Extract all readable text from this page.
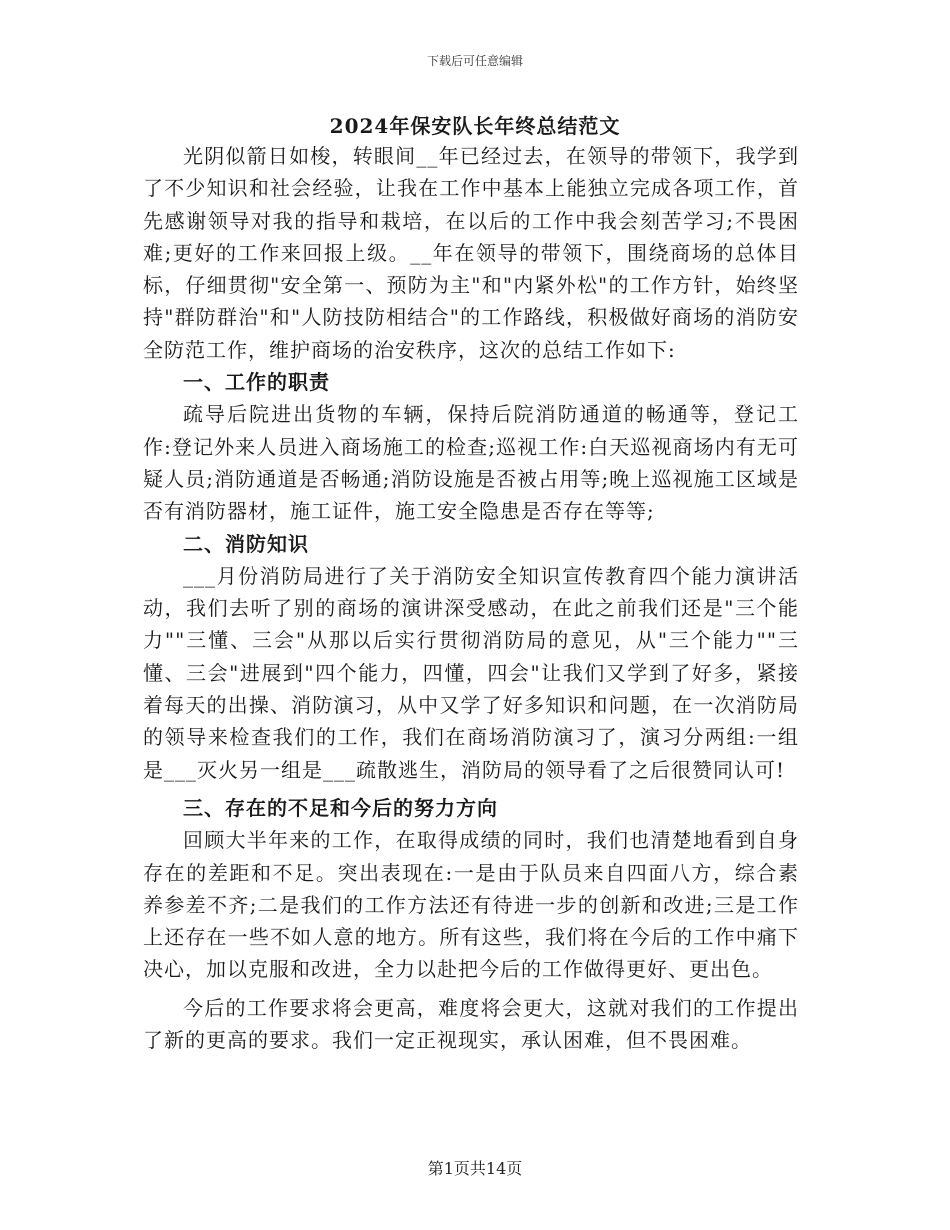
下载后可任意编辑
2024年保安队长年终总结范文

光阴似箭日如梭，转眼间__年已经过去，在领导的带领下，我学到了不少知识和社会经验，让我在工作中基本上能独立完成各项工作，首先感谢领导对我的指导和栽培，在以后的工作中我会刻苦学习;不畏困难;更好的工作来回报上级。__年在领导的带领下，围绕商场的总体目标，仔细贯彻"安全第一、预防为主"和"内紧外松"的工作方针，始终坚持"群防群治"和"人防技防相结合"的工作路线，积极做好商场的消防安全防范工作，维护商场的治安秩序，这次的总结工作如下:

一、工作的职责

疏导后院进出货物的车辆，保持后院消防通道的畅通等，登记工作:登记外来人员进入商场施工的检查;巡视工作:白天巡视商场内有无可疑人员;消防通道是否畅通;消防设施是否被占用等;晚上巡视施工区域是否有消防器材，施工证件，施工安全隐患是否存在等等;

二、消防知识

___月份消防局进行了关于消防安全知识宣传教育四个能力演讲活动，我们去听了别的商场的演讲深受感动，在此之前我们还是"三个能力""三懂、三会"从那以后实行贯彻消防局的意见，从"三个能力""三懂、三会"进展到"四个能力，四懂，四会"让我们又学到了好多，紧接着每天的出操、消防演习，从中又学了好多知识和问题，在一次消防局的领导来检查我们的工作，我们在商场消防演习了，演习分两组:一组是___灭火另一组是___疏散逃生，消防局的领导看了之后很赞同认可!

三、存在的不足和今后的努力方向

回顾大半年来的工作，在取得成绩的同时，我们也清楚地看到自身存在的差距和不足。突出表现在:一是由于队员来自四面八方，综合素养参差不齐;二是我们的工作方法还有待进一步的创新和改进;三是工作上还存在一些不如人意的地方。所有这些，我们将在今后的工作中痛下决心，加以克服和改进，全力以赴把今后的工作做得更好、更出色。

今后的工作要求将会更高，难度将会更大，这就对我们的工作提出了新的更高的要求。我们一定正视现实，承认困难，但不畏困难。

第1页共14页
